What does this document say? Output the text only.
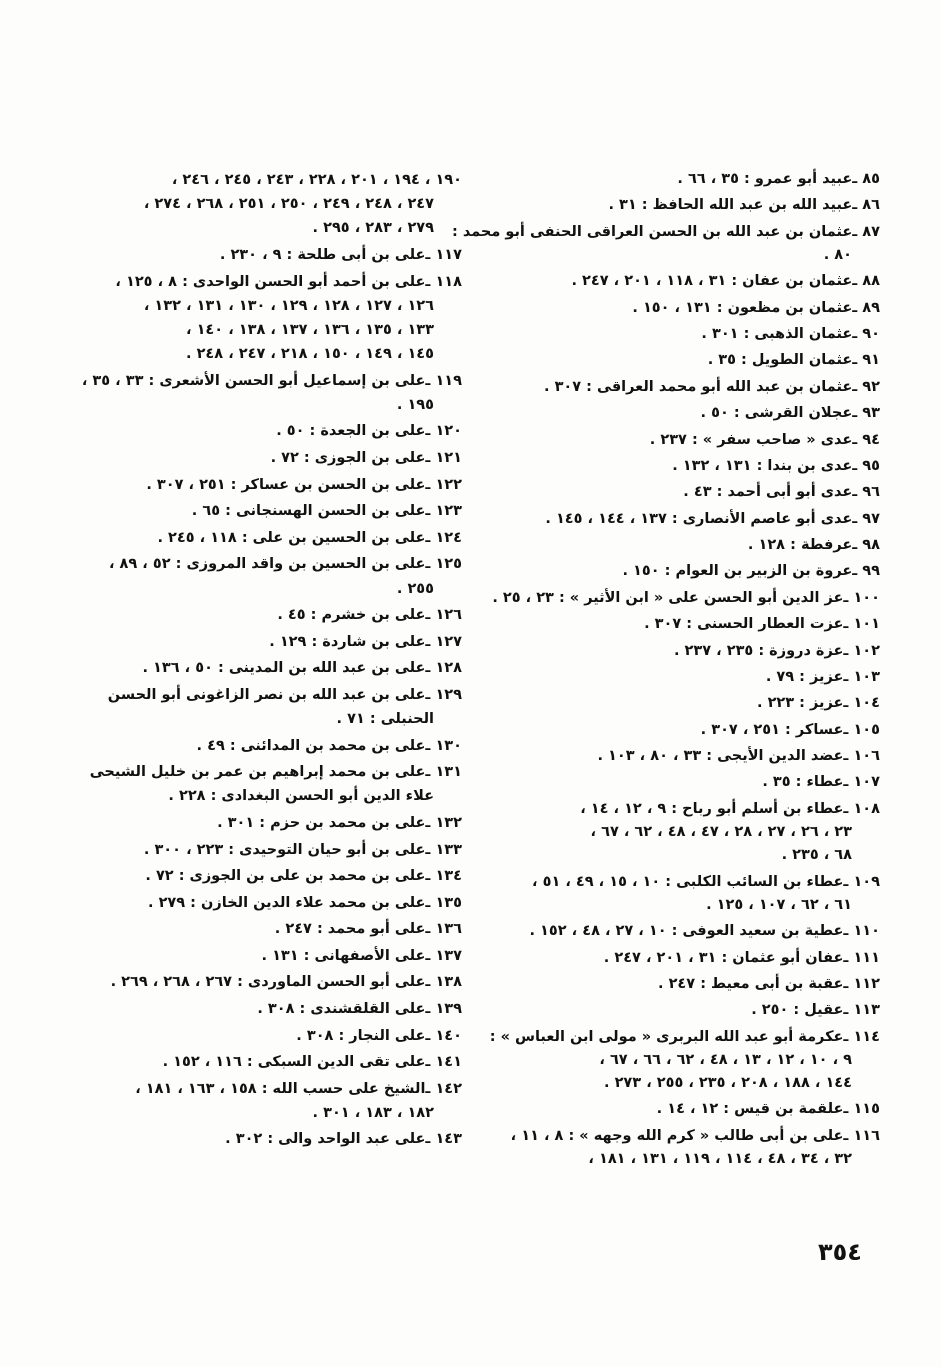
٨٥ ـعبيد أبو عمرو : ٣٥ ، ٦٦ .
٨٦ ـعبيد الله بن عبد الله الحافظ : ٣١ .
٨٧ ـعثمان بن عبد الله بن الحسن العراقى الحنفى أبو محمد :
٨٠ .
٨٨ ـعثمان بن عفان : ٣١ ، ١١٨ ، ٢٠١ ، ٢٤٧ .
٨٩ ـعثمان بن مظعون : ١٣١ ، ١٥٠ .
٩٠ ـعثمان الذهبى : ٣٠١ .
٩١ ـعثمان الطويل : ٣٥ .
٩٢ ـعثمان بن عبد الله أبو محمد العراقى : ٣٠٧ .
٩٣ ـعجلان القرشى : ٥٠ .
٩٤ ـعدى « صاحب سفر » : ٢٣٧ .
٩٥ ـعدى بن بندا : ١٣١ ، ١٣٢ .
٩٦ ـعدى أبو أبى أحمد : ٤٣ .
٩٧ ـعدى أبو عاصم الأنصارى : ١٣٧ ، ١٤٤ ، ١٤٥ .
٩٨ ـعرفطة : ١٢٨ .
٩٩ ـعروة بن الزبير بن العوام : ١٥٠ .
١٠٠ ـعز الدين أبو الحسن على « ابن الأثير » : ٢٣ ، ٢٥ .
١٠١ ـعزت العطار الحسنى : ٣٠٧ .
١٠٢ ـعزة دروزة : ٢٣٥ ، ٢٣٧ .
١٠٣ ـعزيز : ٧٩ .
١٠٤ ـعزيز : ٢٢٣ .
١٠٥ ـعساكر : ٢٥١ ، ٣٠٧ .
١٠٦ ـعضد الدين الأيجى : ٣٣ ، ٨٠ ، ١٠٣ .
١٠٧ ـعطاء : ٣٥ .
١٠٨ ـعطاء بن أسلم أبو رباح : ٩ ، ١٢ ، ١٤ ،
٢٣ ، ٢٦ ، ٢٧ ، ٢٨ ، ٤٧ ، ٤٨ ، ٦٢ ، ٦٧ ،
٦٨ ، ٢٣٥ .
١٠٩ ـعطاء بن السائب الكلبى : ١٠ ، ١٥ ، ٤٩ ، ٥١ ،
٦١ ، ٦٢ ، ١٠٧ ، ١٢٥ .
١١٠ ـعطية بن سعيد العوفى : ١٠ ، ٢٧ ، ٤٨ ، ١٥٢ .
١١١ ـعفان أبو عثمان : ٣١ ، ٢٠١ ، ٢٤٧ .
١١٢ ـعقبة بن أبى معيط : ٢٤٧ .
١١٣ ـعقيل : ٢٥٠ .
١١٤ ـعكرمة أبو عبد الله البربرى « مولى ابن العباس » :
٩ ، ١٠ ، ١٢ ، ١٣ ، ٤٨ ، ٦٢ ، ٦٦ ، ٦٧ ،
١٤٤ ، ١٨٨ ، ٢٠٨ ، ٢٣٥ ، ٢٥٥ ، ٢٧٣ .
١١٥ ـعلقمة بن قيس : ١٢ ، ١٤ .
١١٦ ـعلى بن أبى طالب « كرم الله وجهه » : ٨ ، ١١ ،
٣٢ ، ٣٤ ، ٤٨ ، ١١٤ ، ١١٩ ، ١٣١ ، ١٨١ ،
١٩٠ ، ١٩٤ ، ٢٠١ ، ٢٢٨ ، ٢٤٣ ، ٢٤٥ ، ٢٤٦ ،
٢٤٧ ، ٢٤٨ ، ٢٤٩ ، ٢٥٠ ، ٢٥١ ، ٢٦٨ ، ٢٧٤ ،
٢٧٩ ، ٢٨٣ ، ٢٩٥ .
١١٧ ـعلى بن أبى طلحة : ٩ ، ٢٣٠ .
١١٨ ـعلى بن أحمد أبو الحسن الواحدى : ٨ ، ١٢٥ ،
١٢٦ ، ١٢٧ ، ١٢٨ ، ١٢٩ ، ١٣٠ ، ١٣١ ، ١٣٢ ،
١٣٣ ، ١٣٥ ، ١٣٦ ، ١٣٧ ، ١٣٨ ، ١٤٠ ،
١٤٥ ، ١٤٩ ، ١٥٠ ، ٢١٨ ، ٢٤٧ ، ٢٤٨ .
١١٩ ـعلى بن إسماعيل أبو الحسن الأشعرى : ٣٣ ، ٣٥ ،
١٩٥ .
١٢٠ ـعلى بن الجعدة : ٥٠ .
١٢١ ـعلى بن الجوزى : ٧٢ .
١٢٢ ـعلى بن الحسن بن عساكر : ٢٥١ ، ٣٠٧ .
١٢٣ ـعلى بن الحسن الهسنجانى : ٦٥ .
١٢٤ ـعلى بن الحسين بن على : ١١٨ ، ٢٤٥ .
١٢٥ ـعلى بن الحسين بن واقد المروزى : ٥٢ ، ٨٩ ،
٢٥٥ .
١٢٦ ـعلى بن خشرم : ٤٥ .
١٢٧ ـعلى بن شاردة : ١٢٩ .
١٢٨ ـعلى بن عبد الله بن المدينى : ٥٠ ، ١٣٦ .
١٢٩ ـعلى بن عبد الله بن نصر الزاغونى أبو الحسن
الحنبلى : ٧١ .
١٣٠ ـعلى بن محمد بن المدائنى : ٤٩ .
١٣١ ـعلى بن محمد إبراهيم بن عمر بن خليل الشيحى
علاء الدين أبو الحسن البغدادى : ٢٢٨ .
١٣٢ ـعلى بن محمد بن حزم : ٣٠١ .
١٣٣ ـعلى بن أبو حيان التوحيدى : ٢٢٣ ، ٣٠٠ .
١٣٤ ـعلى بن محمد بن على بن الجوزى : ٧٢ .
١٣٥ ـعلى بن محمد علاء الدين الخازن : ٢٧٩ .
١٣٦ ـعلى أبو محمد : ٢٤٧ .
١٣٧ ـعلى الأصفهانى : ١٣١ .
١٣٨ ـعلى أبو الحسن الماوردى : ٢٦٧ ، ٢٦٨ ، ٢٦٩ .
١٣٩ ـعلى القلقشندى : ٣٠٨ .
١٤٠ ـعلى النجار : ٣٠٨ .
١٤١ ـعلى تقى الدين السبكى : ١١٦ ، ١٥٢ .
١٤٢ ـالشيخ على حسب الله : ١٥٨ ، ١٦٣ ، ١٨١ ،
١٨٢ ، ١٨٣ ، ٣٠١ .
١٤٣ ـعلى عبد الواحد والى : ٣٠٢ .
٣٥٤
